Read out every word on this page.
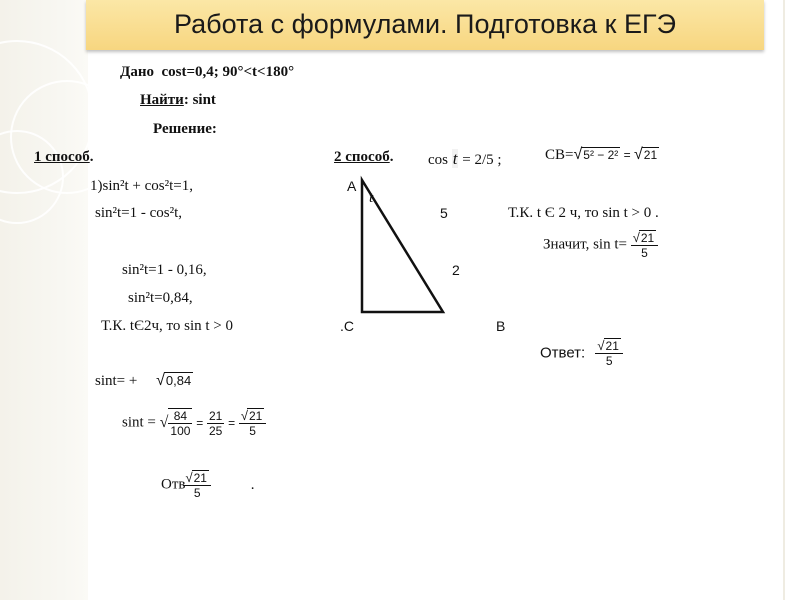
Работа с формулами. Подготовка к ЕГЭ
Дано cost=0,4; 90°<t<180°
Найти: sint
Решение:
1 способ.
1)sin²t + cos²t=1,
sin²t=1 - cos²t,
sin²t=1 - 0,16,
sin²t=0,84,
Т.К. tЄ2ч, то sin t > 0
sint= + √0,84
sint = √ $\frac{84}{100} = \frac{21}{25} = \frac{√21}{5}$
Отв
$\frac{√21}{5}$	.
2 способ. cos t = 2/5 ;	СВ=√5² − 2² = √21
Т.К. t Є 2 ч, то sin t > 0 .
Значит, $\sin t= \frac{√21}{5}$
Ответ: $\frac{√21}{5}$
A
t
5
2
.C	B
